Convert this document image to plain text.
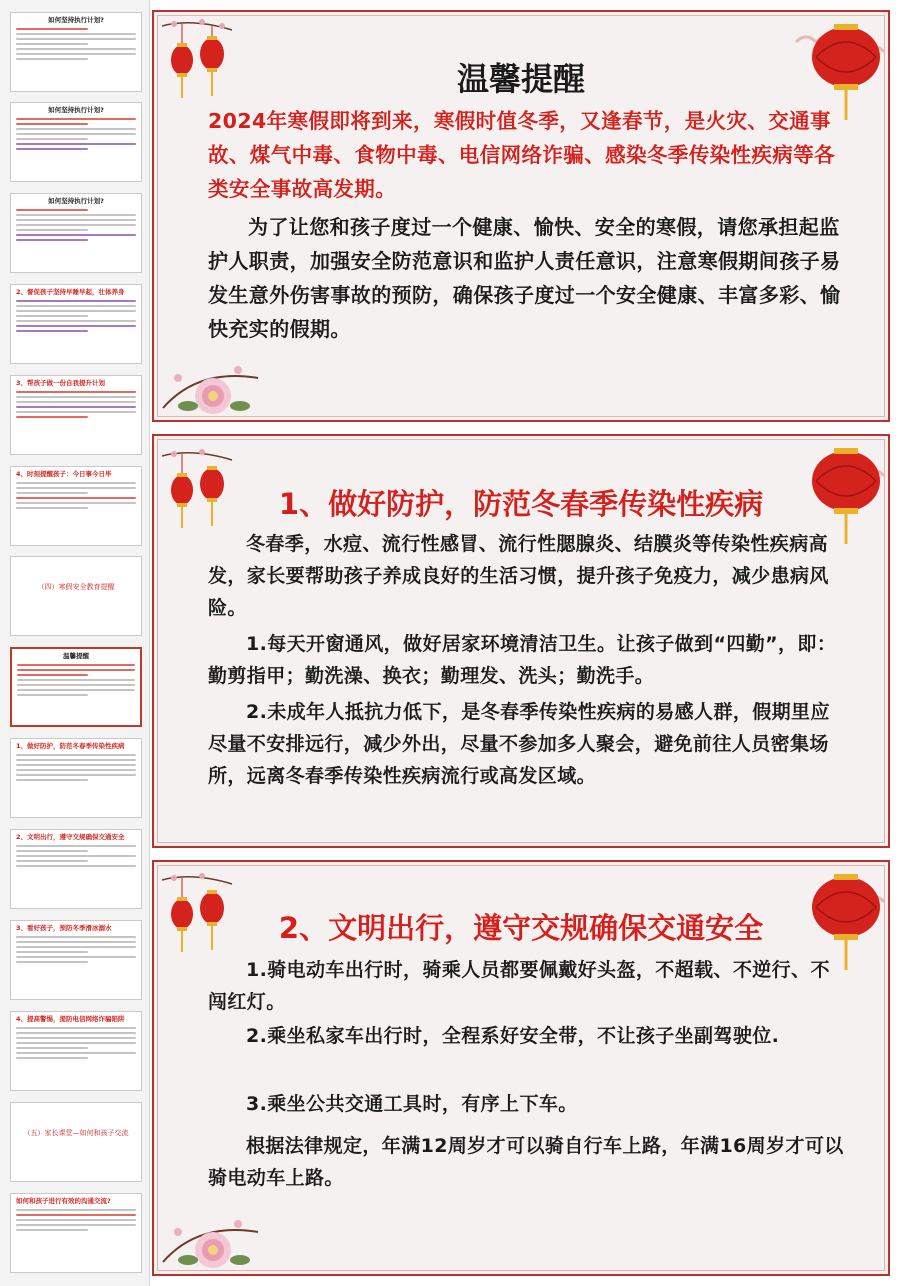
如何坚持执行计划?
如何坚持执行计划?
如何坚持执行计划?
2、督促孩子坚持早睡早起，壮体养身
3、帮孩子做一份自我提升计划
4、时刻提醒孩子：今日事今日毕
（四）寒假安全教育提醒
温馨提醒
1、做好防护，防范冬春季传染性疾病
2、文明出行，遵守交规确保交通安全
3、看好孩子，预防冬季滑冰溺水
4、提高警惕，提防电信网络诈骗陷阱
（五）家长课堂—如何和孩子交流
如何和孩子进行有效的沟通交流?
温馨提醒
2024年寒假即将到来，寒假时值冬季，又逢春节，是火灾、交通事故、煤气中毒、食物中毒、电信网络诈骗、感染冬季传染性疾病等各类安全事故高发期。
为了让您和孩子度过一个健康、愉快、安全的寒假，请您承担起监护人职责，加强安全防范意识和监护人责任意识，注意寒假期间孩子易发生意外伤害事故的预防，确保孩子度过一个安全健康、丰富多彩、愉快充实的假期。
1、做好防护，防范冬春季传染性疾病
冬春季，水痘、流行性感冒、流行性腮腺炎、结膜炎等传染性疾病高发，家长要帮助孩子养成良好的生活习惯，提升孩子免疫力，减少患病风险。
1.每天开窗通风，做好居家环境清洁卫生。让孩子做到“四勤”，即：勤剪指甲；勤洗澡、换衣；勤理发、洗头；勤洗手。
2.未成年人抵抗力低下，是冬春季传染性疾病的易感人群，假期里应尽量不安排远行，减少外出，尽量不参加多人聚会，避免前往人员密集场所，远离冬春季传染性疾病流行或高发区域。
2、文明出行，遵守交规确保交通安全
1.骑电动车出行时，骑乘人员都要佩戴好头盔，不超载、不逆行、不闯红灯。
2.乘坐私家车出行时，全程系好安全带，不让孩子坐副驾驶位.
3.乘坐公共交通工具时，有序上下车。
根据法律规定，年满12周岁才可以骑自行车上路，年满16周岁才可以骑电动车上路。
